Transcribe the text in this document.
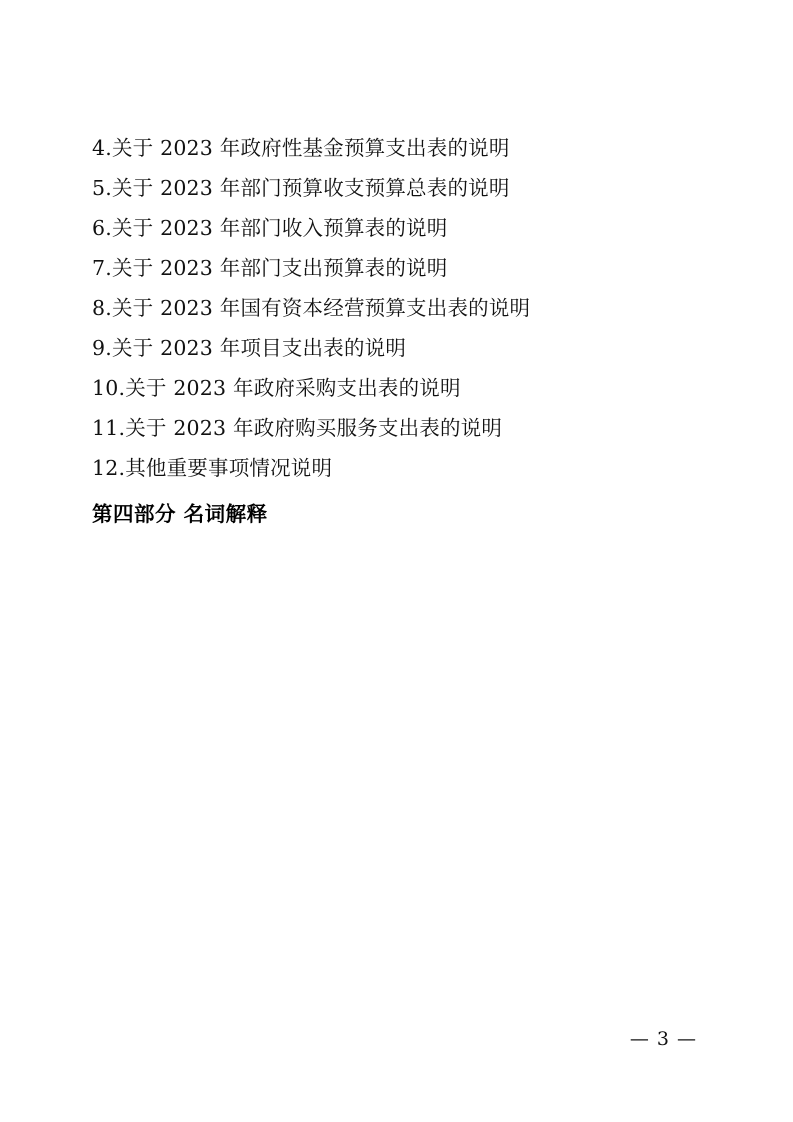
4.关于 2023 年政府性基金预算支出表的说明
5.关于 2023 年部门预算收支预算总表的说明
6.关于 2023 年部门收入预算表的说明
7.关于 2023 年部门支出预算表的说明
8.关于 2023 年国有资本经营预算支出表的说明
9.关于 2023 年项目支出表的说明
10.关于 2023 年政府采购支出表的说明
11.关于 2023 年政府购买服务支出表的说明
12.其他重要事项情况说明
第四部分 名词解释
— 3 —
